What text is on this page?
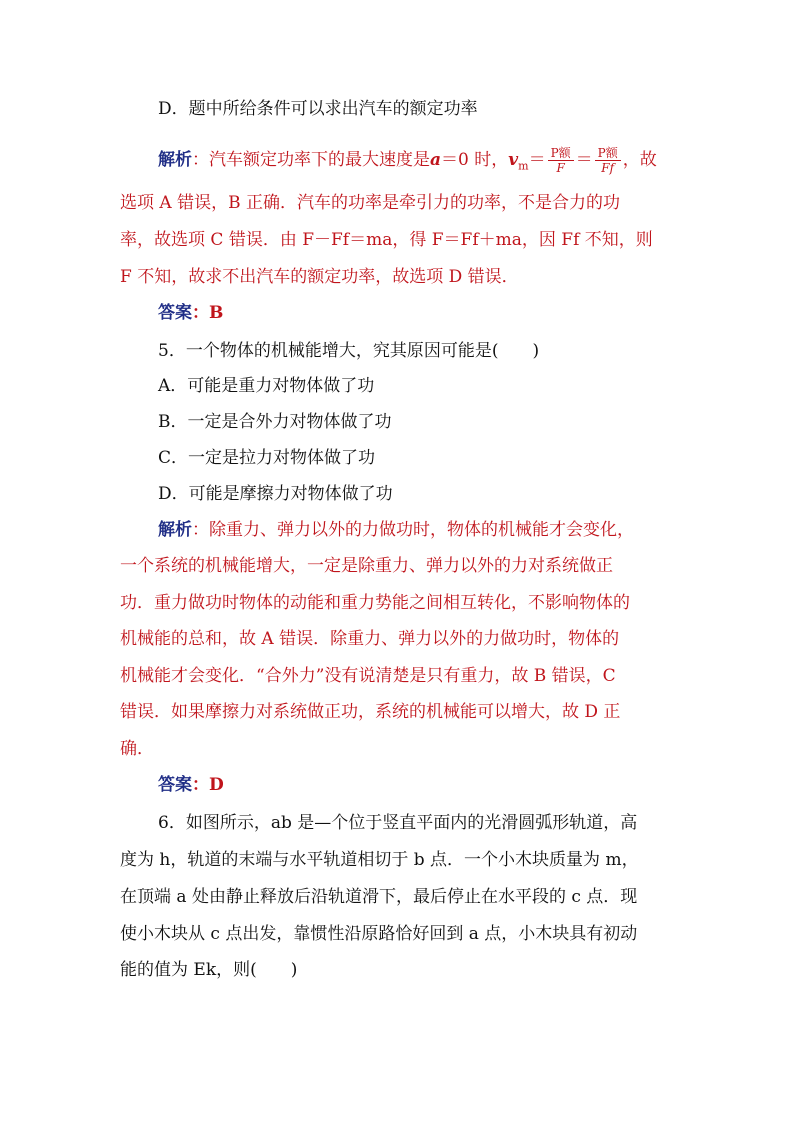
D．题中所给条件可以求出汽车的额定功率
解析：汽车额定功率下的最大速度是a＝0 时，$v_m= \frac{\text{P额}}{F} = \frac{\text{P额}}{Ff}$ ，故
选项 A 错误，B 正确．汽车的功率是牵引力的功率，不是合力的功
率，故选项 C 错误．由 F－Ff＝ma，得 F＝Ff＋ma，因 Ff 不知，则
F 不知，故求不出汽车的额定功率，故选项 D 错误．
答案：B
5．一个物体的机械能增大，究其原因可能是(　　)
A．可能是重力对物体做了功
B．一定是合外力对物体做了功
C．一定是拉力对物体做了功
D．可能是摩擦力对物体做了功
解析：除重力、弹力以外的力做功时，物体的机械能才会变化，
一个系统的机械能增大，一定是除重力、弹力以外的力对系统做正
功．重力做功时物体的动能和重力势能之间相互转化，不影响物体的
机械能的总和，故 A 错误．除重力、弹力以外的力做功时，物体的
机械能才会变化．“合外力”没有说清楚是只有重力，故 B 错误，C
错误．如果摩擦力对系统做正功，系统的机械能可以增大，故 D 正
确．
答案：D
6．如图所示，ab 是—个位于竖直平面内的光滑圆弧形轨道，高
度为 h，轨道的末端与水平轨道相切于 b 点．一个小木块质量为 m，
在顶端 a 处由静止释放后沿轨道滑下，最后停止在水平段的 c 点．现
使小木块从 c 点出发，靠惯性沿原路恰好回到 a 点，小木块具有初动
能的值为 Ek，则(　　)
